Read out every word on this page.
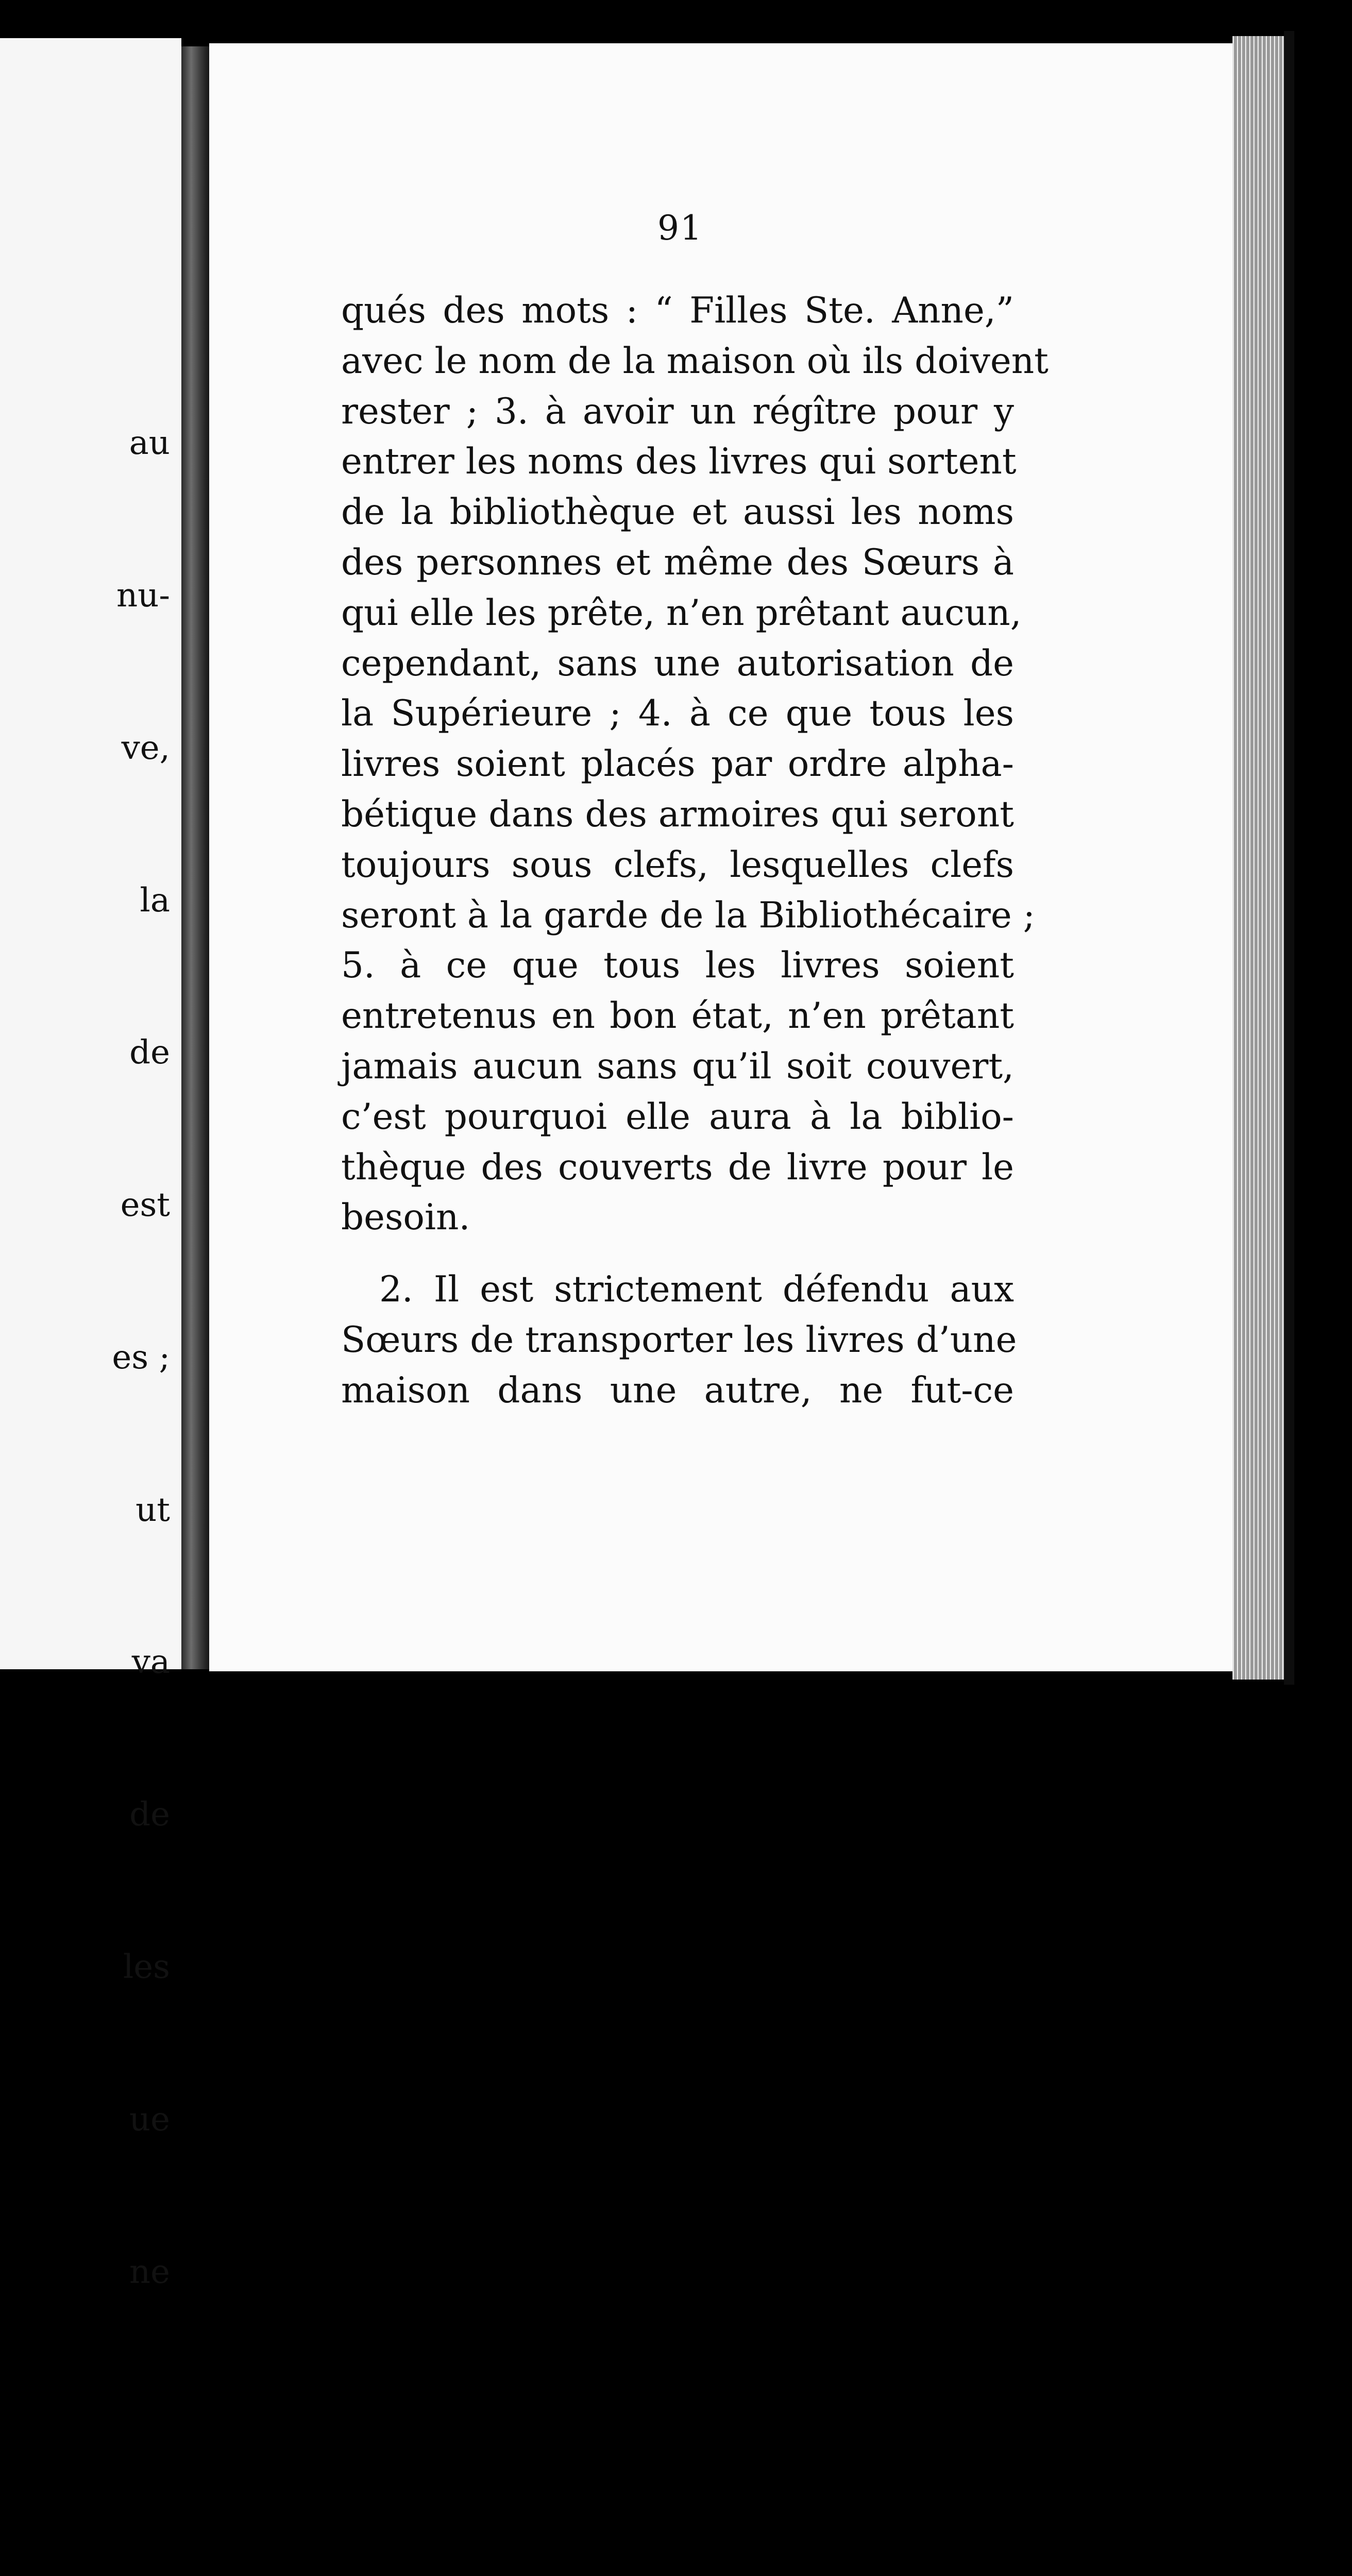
au

nu-

ve,

la

de

est

es ;

ut

va

de

les

ue

ne

91
qués des mots : “ Filles Ste. Anne,”
avec le nom de la maison où ils doivent
rester ; 3. à avoir un régître pour y
entrer les noms des livres qui sortent
de la bibliothèque et aussi les noms
des personnes et même des Sœurs à
qui elle les prête, n’en prêtant aucun,
cependant, sans une autorisation de
la Supérieure ; 4. à ce que tous les
livres soient placés par ordre alpha-
bétique dans des armoires qui seront
toujours sous clefs, lesquelles clefs
seront à la garde de la Bibliothécaire ;
5. à ce que tous les livres soient
entretenus en bon état, n’en prêtant
jamais aucun sans qu’il soit couvert,
c’est pourquoi elle aura à la biblio-
thèque des couverts de livre pour le
besoin.
2. Il est strictement défendu aux
Sœurs de transporter les livres d’une
maison dans une autre, ne fut-ce
